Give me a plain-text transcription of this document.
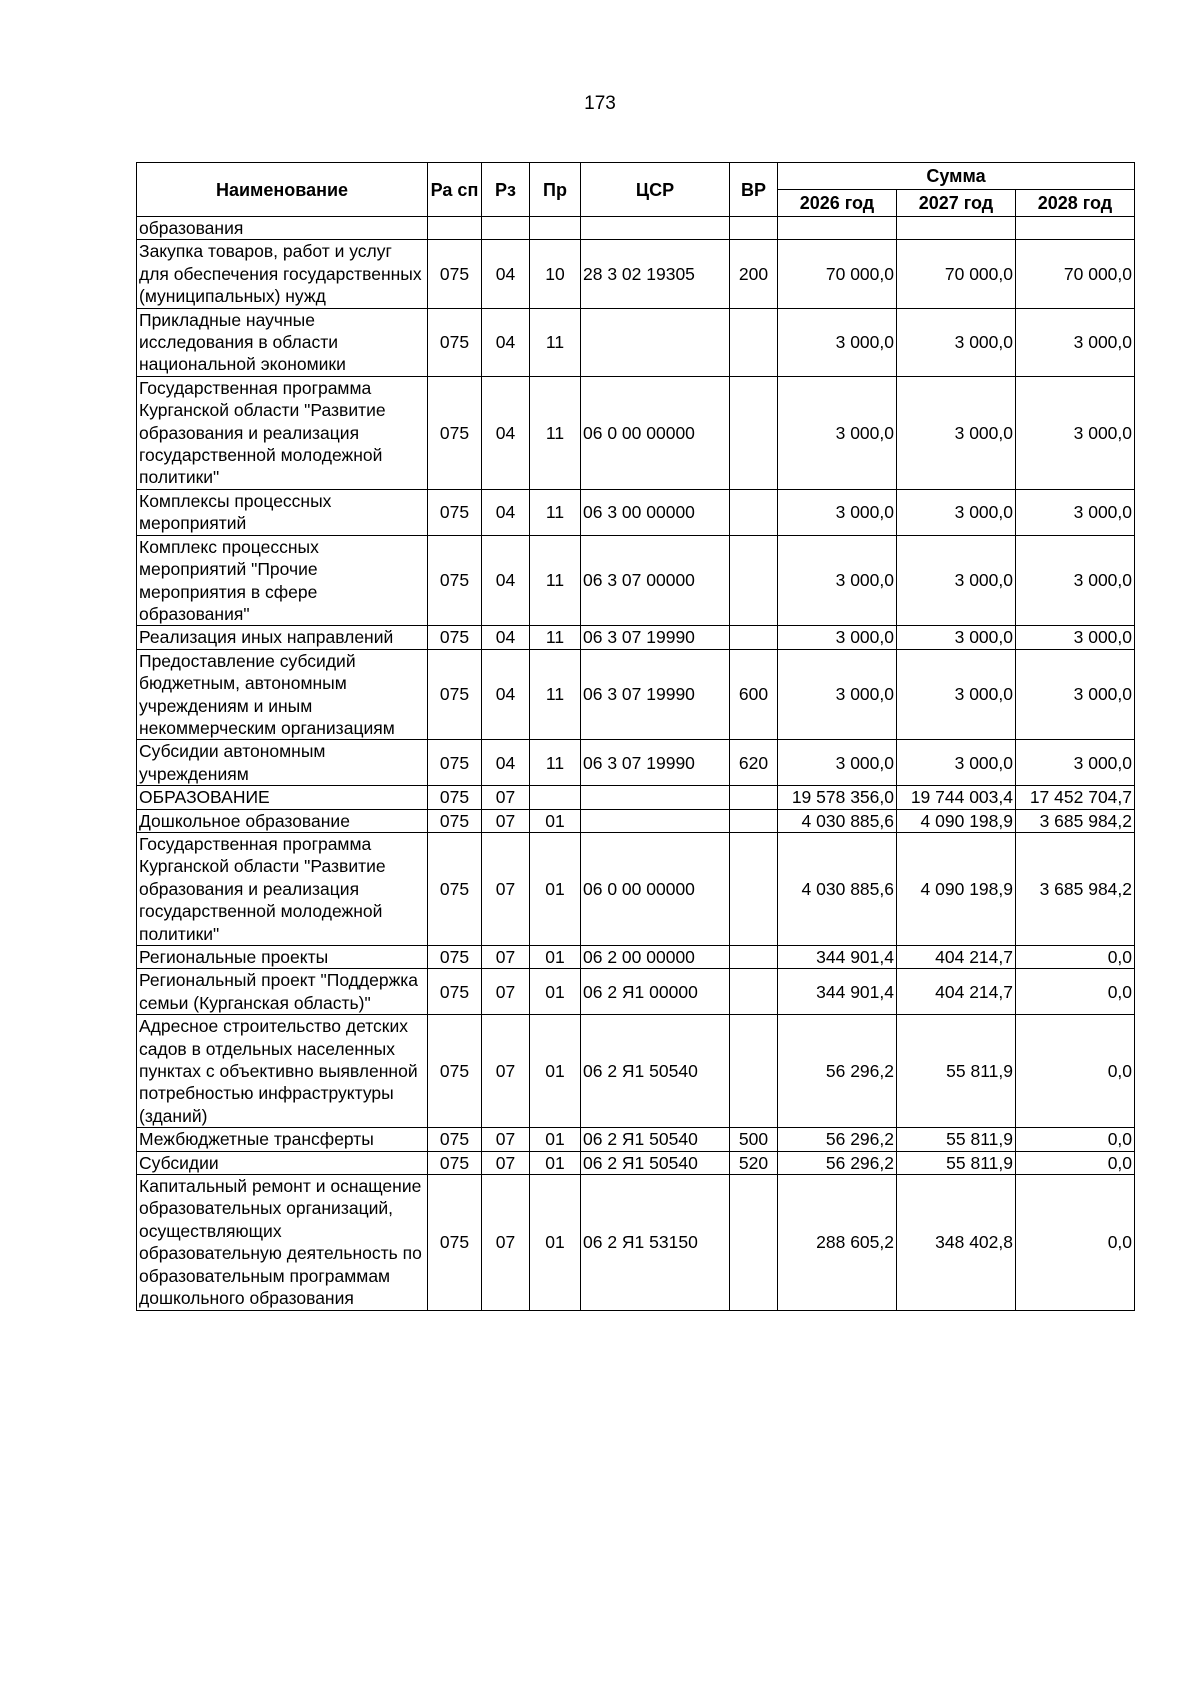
173
Наименование	Ра сп	Рз	Пр	ЦСР	ВР	Сумма		
						2026 год	2027 год	2028 год
образования								
Закупка товаров, работ и услуг для обеспечения государственных (муниципальных) нужд	075	04	10	28 3 02 19305	200	70 000,0	70 000,0	70 000,0
Прикладные научные исследования в области национальной экономики	075	04	11			3 000,0	3 000,0	3 000,0
Государственная программа Курганской области "Развитие образования и реализация государственной молодежной политики"	075	04	11	06 0 00 00000		3 000,0	3 000,0	3 000,0
Комплексы процессных мероприятий	075	04	11	06 3 00 00000		3 000,0	3 000,0	3 000,0
Комплекс процессных мероприятий "Прочие мероприятия в сфере образования"	075	04	11	06 3 07 00000		3 000,0	3 000,0	3 000,0
Реализация иных направлений	075	04	11	06 3 07 19990		3 000,0	3 000,0	3 000,0
Предоставление субсидий бюджетным, автономным учреждениям и иным некоммерческим организациям	075	04	11	06 3 07 19990	600	3 000,0	3 000,0	3 000,0
Субсидии автономным учреждениям	075	04	11	06 3 07 19990	620	3 000,0	3 000,0	3 000,0
ОБРАЗОВАНИЕ	075	07				19 578 356,0	19 744 003,4	17 452 704,7
Дошкольное образование	075	07	01			4 030 885,6	4 090 198,9	3 685 984,2
Государственная программа Курганской области "Развитие образования и реализация государственной молодежной политики"	075	07	01	06 0 00 00000		4 030 885,6	4 090 198,9	3 685 984,2
Региональные проекты	075	07	01	06 2 00 00000		344 901,4	404 214,7	0,0
Региональный проект "Поддержка семьи (Курганская область)"	075	07	01	06 2 Я1 00000		344 901,4	404 214,7	0,0
Адресное строительство детских садов в отдельных населенных пунктах с объективно выявленной потребностью инфраструктуры (зданий)	075	07	01	06 2 Я1 50540		56 296,2	55 811,9	0,0
Межбюджетные трансферты	075	07	01	06 2 Я1 50540	500	56 296,2	55 811,9	0,0
Субсидии	075	07	01	06 2 Я1 50540	520	56 296,2	55 811,9	0,0
Капитальный ремонт и оснащение образовательных организаций, осуществляющих образовательную деятельность по образовательным программам дошкольного образования	075	07	01	06 2 Я1 53150		288 605,2	348 402,8	0,0
